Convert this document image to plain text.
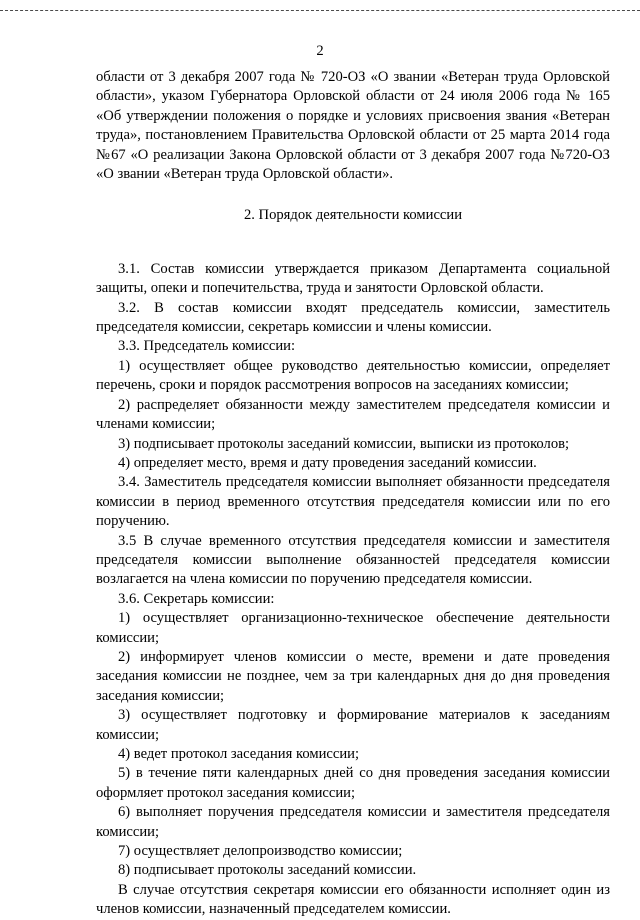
2

области от 3 декабря 2007 года № 720-ОЗ «О звании «Ветеран труда Орловской области», указом Губернатора Орловской области от 24 июля 2006 года № 165 «Об утверждении положения о порядке и условиях присвоения звания «Ветеран труда», постановлением Правительства Орловской области от 25 марта 2014 года №67 «О реализации Закона Орловской области от 3 декабря 2007 года №720-ОЗ «О звании «Ветеран труда Орловской области».

2. Порядок деятельности комиссии

3.1. Состав комиссии утверждается приказом Департамента социальной защиты, опеки и попечительства, труда и занятости Орловской области.

3.2. В состав комиссии входят председатель комиссии, заместитель председателя комиссии, секретарь комиссии и члены комиссии.

3.3. Председатель комиссии:

1) осуществляет общее руководство деятельностью комиссии, определяет перечень, сроки и порядок рассмотрения вопросов на заседаниях комиссии;

2) распределяет обязанности между заместителем председателя комиссии и членами комиссии;

3) подписывает протоколы заседаний комиссии, выписки из протоколов;

4) определяет место, время и дату проведения заседаний комиссии.

3.4. Заместитель председателя комиссии выполняет обязанности председателя комиссии в период временного отсутствия председателя комиссии или по его поручению.

3.5 В случае временного отсутствия председателя комиссии и заместителя председателя комиссии выполнение обязанностей председателя комиссии возлагается на члена комиссии по поручению председателя комиссии.

3.6. Секретарь комиссии:

1) осуществляет организационно-техническое обеспечение деятельности комиссии;

2) информирует членов комиссии о месте, времени и дате проведения заседания комиссии не позднее, чем за три календарных дня до дня проведения заседания комиссии;

3) осуществляет подготовку и формирование материалов к заседаниям комиссии;

4) ведет протокол заседания комиссии;

5) в течение пяти календарных дней со дня проведения заседания комиссии оформляет протокол заседания комиссии;

6) выполняет поручения председателя комиссии и заместителя председателя комиссии;

7) осуществляет делопроизводство комиссии;

8) подписывает протоколы заседаний комиссии.

В случае отсутствия секретаря комиссии его обязанности исполняет один из членов комиссии, назначенный председателем комиссии.
